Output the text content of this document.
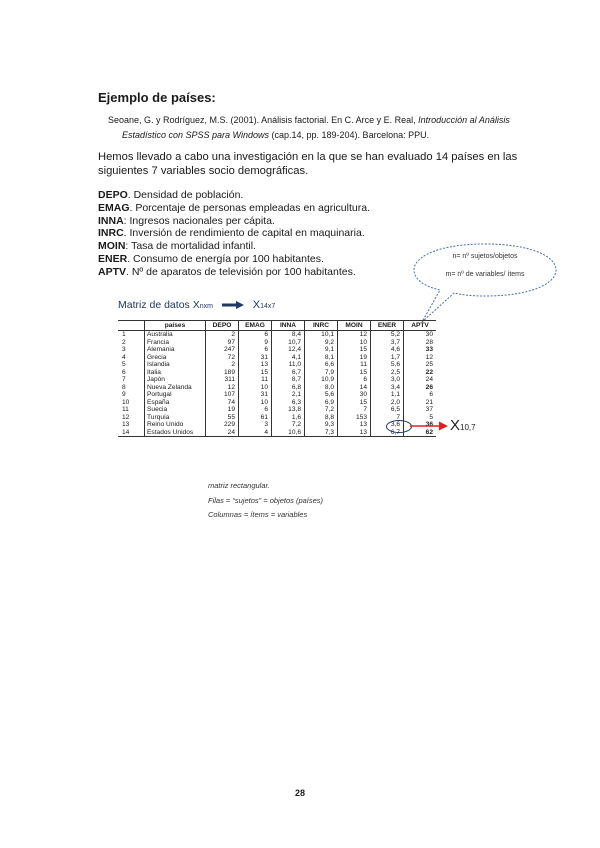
Ejemplo de países:
Seoane, G. y Rodríguez, M.S. (2001). Análisis factorial. En C. Arce y E. Real, Introducción al Análisis
Estadístico con SPSS para Windows (cap.14, pp. 189-204). Barcelona: PPU.
Hemos llevado a cabo una investigación en la que se han evaluado 14 países en las siguientes 7 variables socio demográficas.
DEPO. Densidad de población.
EMAG. Porcentaje de personas empleadas en agricultura.
INNA: Ingresos nacionales per cápita.
INRC. Inversión de rendimiento de capital en maquinaria.
MOIN: Tasa de mortalidad infantil.
ENER. Consumo de energía por 100 habitantes.
APTV. Nº de aparatos de televisión por 100 habitantes.
n= nº sujetos/objetos
m= nº de variables/ ítems
Matriz de datos Xnxm	X14x7
	países	DEPO	EMAG	INNA	INRC	MOIN	ENER	APTV
1	Australia	2	6	8,4	10,1	12	5,2	30
2	Francia	97	9	10,7	9,2	10	3,7	28
3	Alemania	247	6	12,4	9,1	15	4,6	33
4	Grecia	72	31	4,1	8,1	19	1,7	12
5	Islandia	2	13	11,0	6,6	11	5,6	25
6	Italia	189	15	6,7	7,9	15	2,5	22
7	Japón	311	11	8,7	10,9	6	3,0	24
8	Nueva Zelanda	12	10	6,8	8,0	14	3,4	26
9	Portugal	107	31	2,1	5,6	30	1,1	6
10	España	74	10	6,3	6,9	15	2,0	21
11	Suecia	19	6	13,8	7,2	7	6,5	37
12	Turquía	55	61	1,6	8,8	153	7	5
13	Reino Unido	229	3	7,2	9,3	13	3,6	36
14	Estados Unidos	24	4	10,6	7,3	13	6,7	62 X10,7
matriz rectangular.
Filas = “sujetos” = objetos (países)
Columnas = ítems = variables
28
